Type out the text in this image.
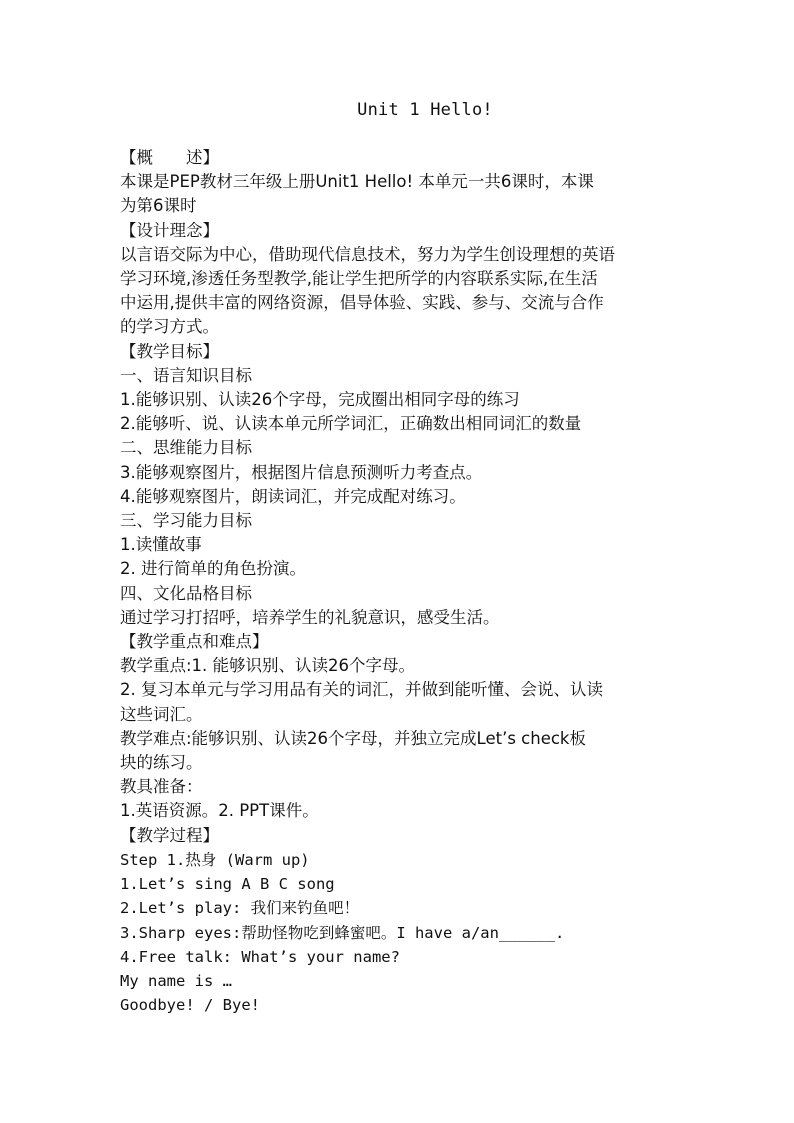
Unit 1 Hello!
【概　　述】
本课是PEP教材三年级上册Unit1 Hello! 本单元一共6课时，本课
为第6课时
【设计理念】
以言语交际为中心，借助现代信息技术，努力为学生创设理想的英语
学习环境,渗透任务型教学,能让学生把所学的内容联系实际,在生活
中运用,提供丰富的网络资源，倡导体验、实践、参与、交流与合作
的学习方式。
【教学目标】
一、语言知识目标
1.能够识别、认读26个字母，完成圈出相同字母的练习
2.能够听、说、认读本单元所学词汇，正确数出相同词汇的数量
二、思维能力目标
3.能够观察图片，根据图片信息预测听力考查点。
4.能够观察图片，朗读词汇，并完成配对练习。
三、学习能力目标
1.读懂故事
2. 进行简单的角色扮演。
四、文化品格目标
通过学习打招呼，培养学生的礼貌意识，感受生活。
【教学重点和难点】
教学重点:1. 能够识别、认读26个字母。
2. 复习本单元与学习用品有关的词汇，并做到能听懂、会说、认读
这些词汇。
教学难点:能够识别、认读26个字母，并独立完成Let’s check板
块的练习。
教具准备：
1.英语资源。2. PPT课件。
【教学过程】
Step 1.热身 (Warm up)
1.Let’s sing A B C song
2.Let’s play: 我们来钓鱼吧！
3.Sharp eyes:帮助怪物吃到蜂蜜吧。I have a/an______.
4.Free talk: What’s your name?
My name is …
Goodbye! / Bye!
